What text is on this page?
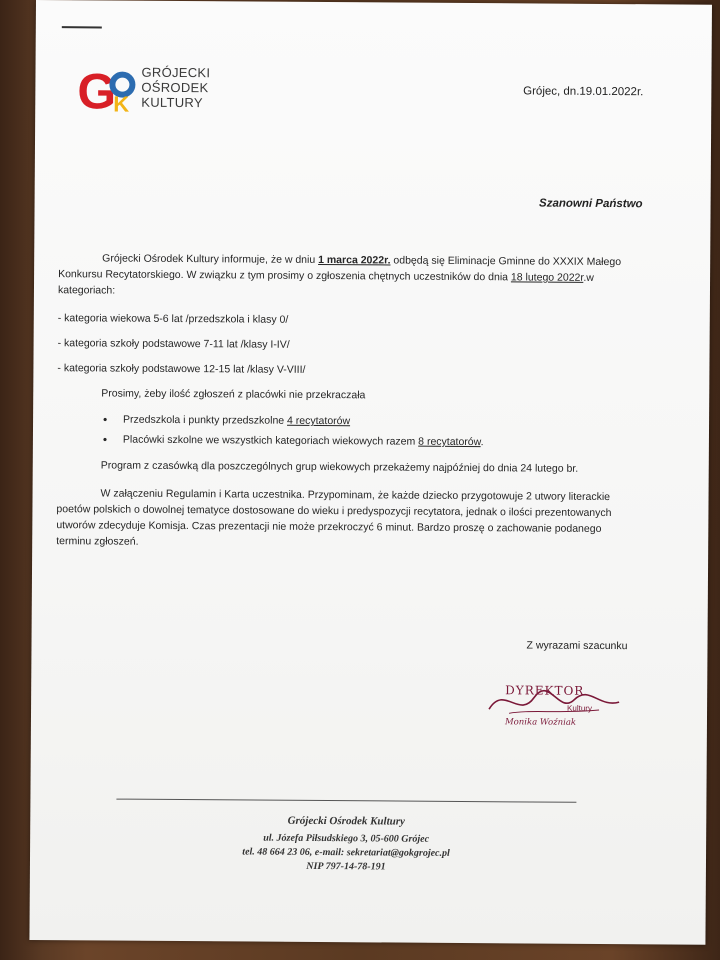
G
K
GRÓJECKI
OŚRODEK
KULTURY
Grójec, dn.19.01.2022r.
Szanowni Państwo

Grójecki Ośrodek Kultury informuje, że w dniu 1 marca 2022r. odbędą się Eliminacje Gminne do XXXIX Małego Konkursu Recytatorskiego. W związku z tym prosimy o zgłoszenia chętnych uczestników do dnia 18 lutego 2022r.w kategoriach:

- kategoria wiekowa 5-6 lat /przedszkola i klasy 0/

- kategoria szkoły podstawowe 7-11 lat /klasy I-IV/

- kategoria szkoły podstawowe 12-15 lat /klasy V-VIII/

Prosimy, żeby ilość zgłoszeń z placówki nie przekraczała

• Przedszkola i punkty przedszkolne 4 recytatorów
• Placówki szkolne we wszystkich kategoriach wiekowych razem 8 recytatorów.

Program z czasówką dla poszczególnych grup wiekowych przekażemy najpóźniej do dnia 24 lutego br.

W załączeniu Regulamin i Karta uczestnika. Przypominam, że każde dziecko przygotowuje 2 utwory literackie poetów polskich o dowolnej tematyce dostosowane do wieku i predyspozycji recytatora, jednak o ilości prezentowanych utworów zdecyduje Komisja. Czas prezentacji nie może przekroczyć 6 minut. Bardzo proszę o zachowanie podanego terminu zgłoszeń.

Z wyrazami szacunku
DYREKTOR
Kultury
Monika Woźniak
Grójecki Ośrodek Kultury
ul. Józefa Piłsudskiego 3, 05-600 Grójec
tel. 48 664 23 06, e-mail: sekretariat@gokgrojec.pl
NIP 797-14-78-191
